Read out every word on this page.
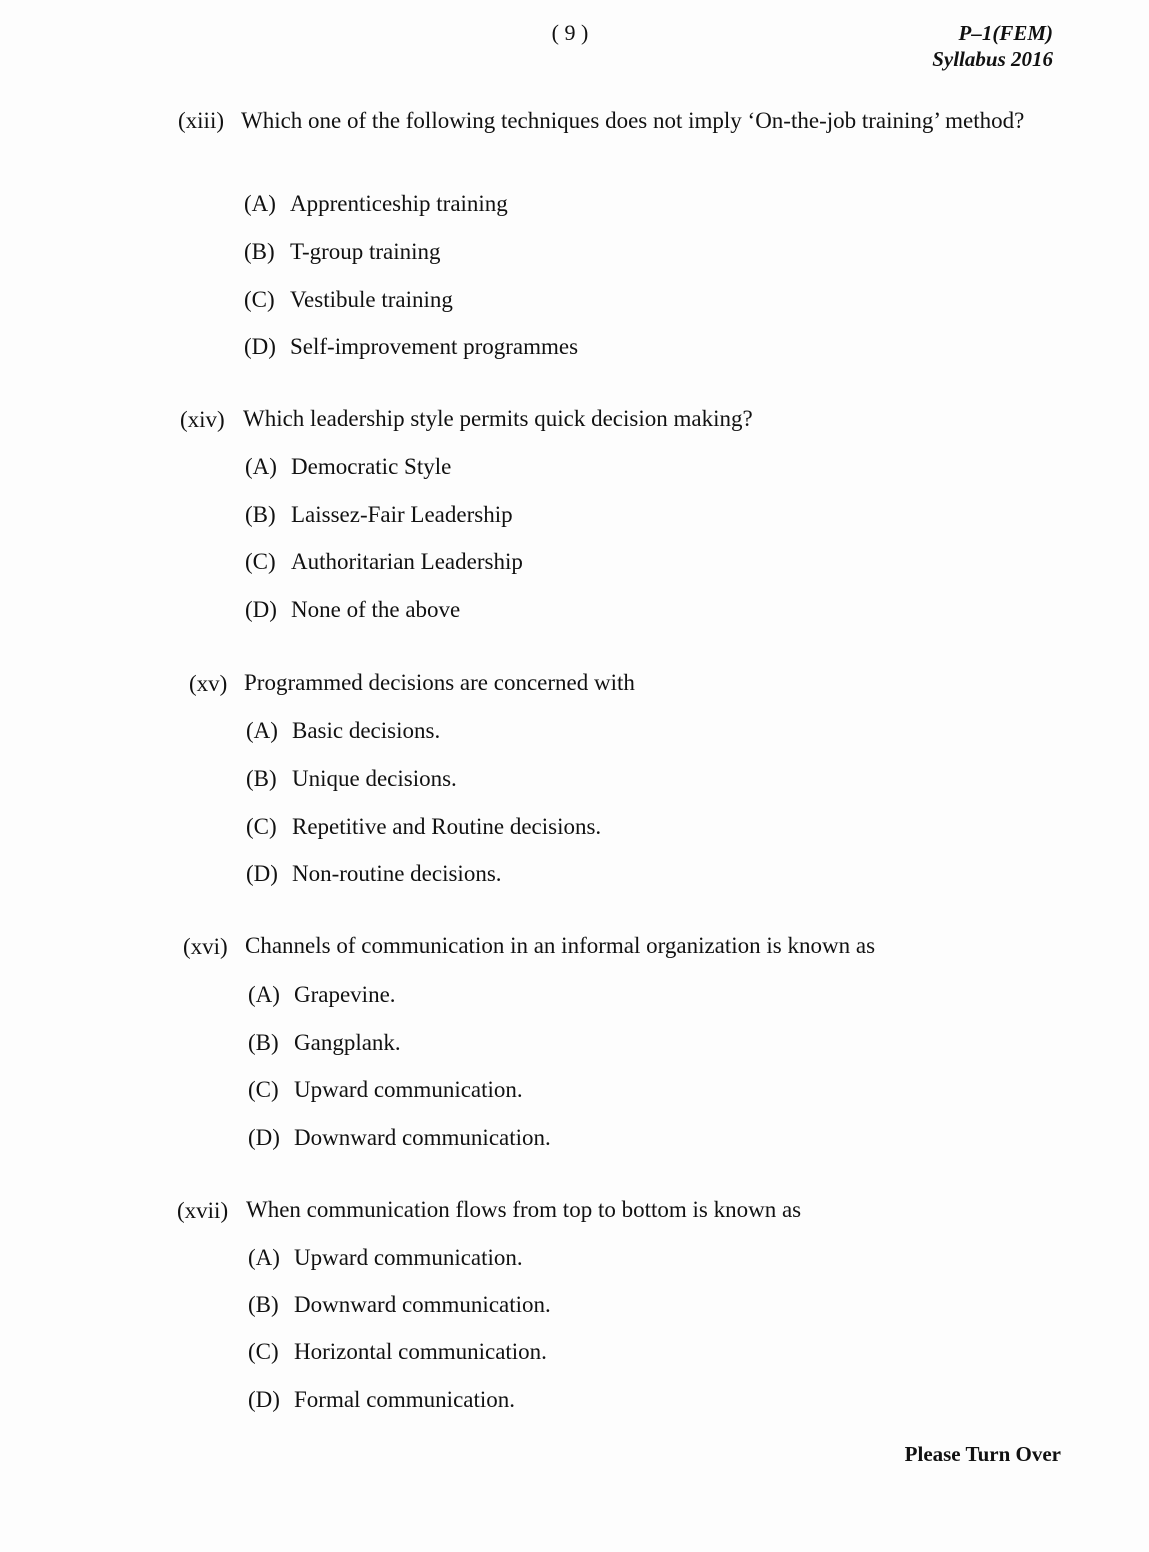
( 9 )	P–1(FEM)
Syllabus 2016
(xiii) Which one of the following techniques does not imply ‘On-the-job training’ method?
(A) Apprenticeship training
(B) T-group training
(C) Vestibule training
(D) Self-improvement programmes
(xiv) Which leadership style permits quick decision making?
(A) Democratic Style
(B) Laissez-Fair Leadership
(C) Authoritarian Leadership
(D) None of the above
(xv) Programmed decisions are concerned with
(A) Basic decisions.
(B) Unique decisions.
(C) Repetitive and Routine decisions.
(D) Non-routine decisions.
(xvi) Channels of communication in an informal organization is known as
(A) Grapevine.
(B) Gangplank.
(C) Upward communication.
(D) Downward communication.
(xvii) When communication flows from top to bottom is known as
(A) Upward communication.
(B) Downward communication.
(C) Horizontal communication.
(D) Formal communication.
Please Turn Over
